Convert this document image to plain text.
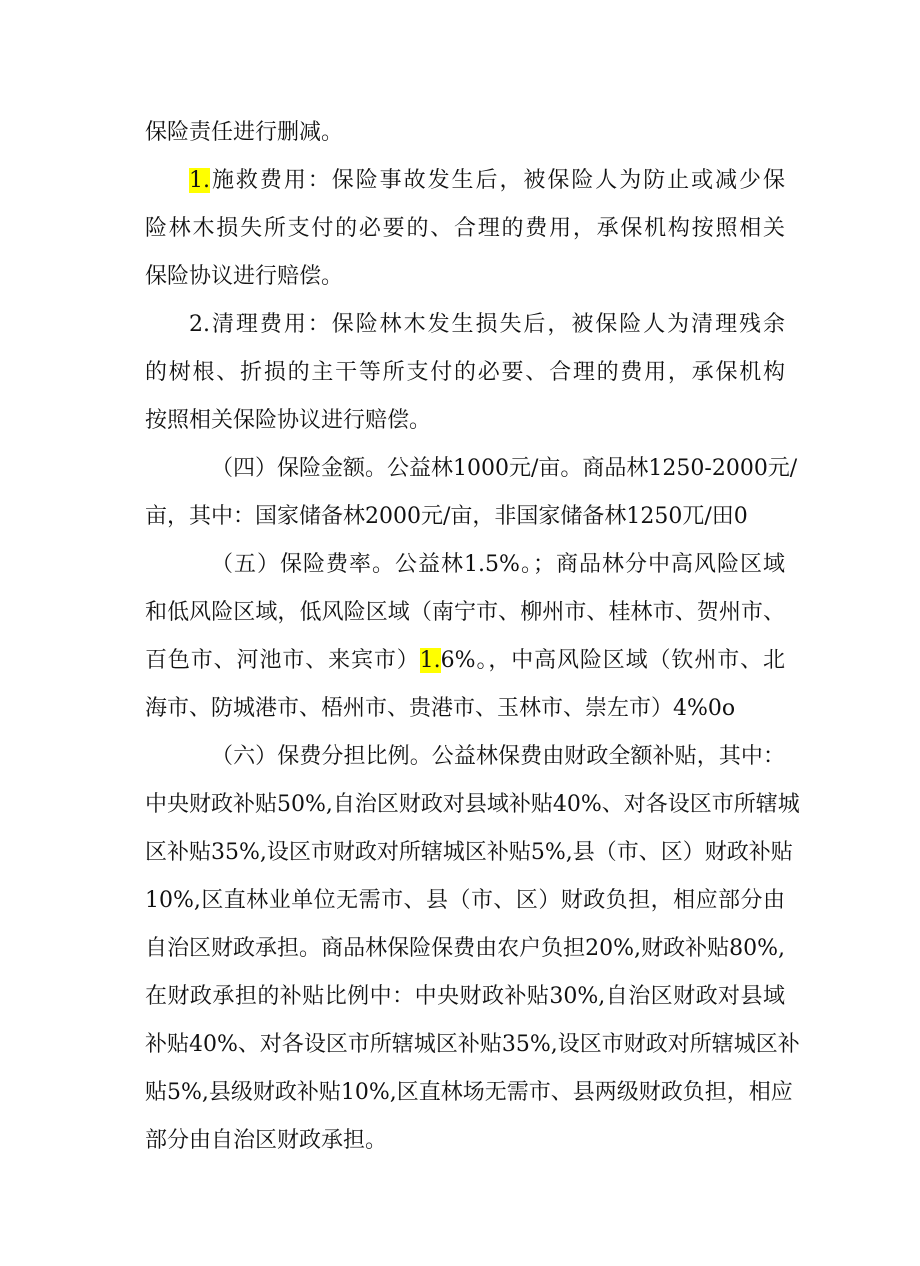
保险责任进行删减。
1.施救费用：保险事故发生后，被保险人为防止或减少保
险林木损失所支付的必要的、合理的费用，承保机构按照相关
保险协议进行赔偿。
2.清理费用：保险林木发生损失后，被保险人为清理残余
的树根、折损的主干等所支付的必要、合理的费用，承保机构
按照相关保险协议进行赔偿。
（四）保险金额。公益林1000元/亩。商品林1250-2000元/
亩，其中：国家储备林2000元/亩，非国家储备林1250兀/田0
（五）保险费率。公益林1.5%。；商品林分中高风险区域
和低风险区域，低风险区域（南宁市、柳州市、桂林市、贺州市、
百色市、河池市、来宾市）1.6%。，中高风险区域（钦州市、北
海市、防城港市、梧州市、贵港市、玉林市、崇左市）4%0o
（六）保费分担比例。公益林保费由财政全额补贴，其中：
中央财政补贴50%,自治区财政对县域补贴40%、对各设区市所辖城
区补贴35%,设区市财政对所辖城区补贴5%,县（市、区）财政补贴
10%,区直林业单位无需市、县（市、区）财政负担，相应部分由
自治区财政承担。商品林保险保费由农户负担20%,财政补贴80%,
在财政承担的补贴比例中：中央财政补贴30%,自治区财政对县域
补贴40%、对各设区市所辖城区补贴35%,设区市财政对所辖城区补
贴5%,县级财政补贴10%,区直林场无需市、县两级财政负担，相应
部分由自治区财政承担。
